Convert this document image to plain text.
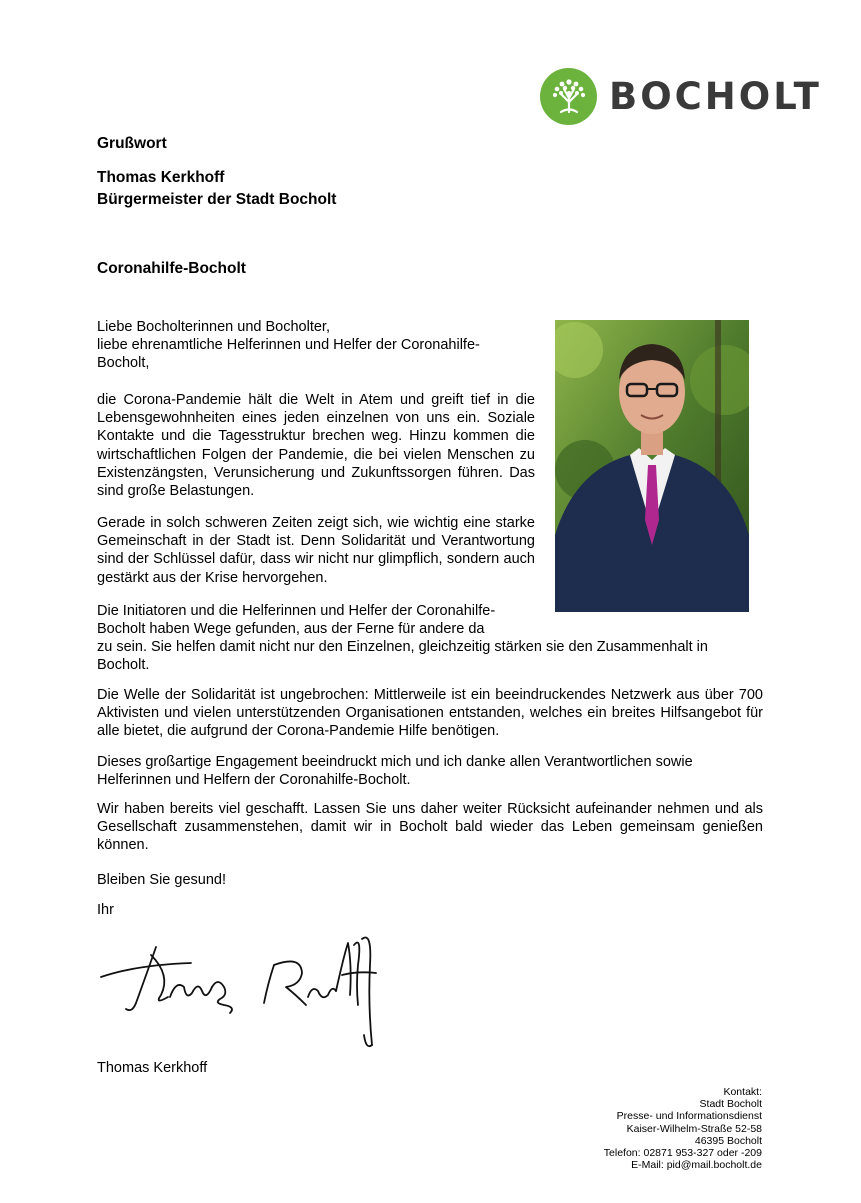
BOCHOLT
Grußwort
Thomas Kerkhoff
Bürgermeister der Stadt Bocholt
Coronahilfe-Bocholt
Liebe Bocholterinnen und Bocholter,
liebe ehrenamtliche Helferinnen und Helfer der Coronahilfe-
Bocholt,

die Corona-Pandemie hält die Welt in Atem und greift tief in die Lebensgewohnheiten eines jeden einzelnen von uns ein. Soziale Kontakte und die Tagesstruktur brechen weg. Hinzu kommen die wirtschaftlichen Folgen der Pandemie, die bei vielen Menschen zu Existenzängsten, Verunsicherung und Zukunftssorgen führen. Das sind große Belastungen.

Gerade in solch schweren Zeiten zeigt sich, wie wichtig eine starke Gemeinschaft in der Stadt ist. Denn Solidarität und Verantwortung sind der Schlüssel dafür, dass wir nicht nur glimpflich, sondern auch gestärkt aus der Krise hervorgehen.

Die Initiatoren und die Helferinnen und Helfer der Coronahilfe-
Bocholt haben Wege gefunden, aus der Ferne für andere da

zu sein. Sie helfen damit nicht nur den Einzelnen, gleichzeitig stärken sie den Zusammenhalt in Bocholt.

Die Welle der Solidarität ist ungebrochen: Mittlerweile ist ein beeindruckendes Netzwerk aus über 700 Aktivisten und vielen unterstützenden Organisationen entstanden, welches ein breites Hilfsangebot für alle bietet, die aufgrund der Corona-Pandemie Hilfe benötigen.

Dieses großartige Engagement beeindruckt mich und ich danke allen Verantwortlichen sowie Helferinnen und Helfern der Coronahilfe-Bocholt.

Wir haben bereits viel geschafft. Lassen Sie uns daher weiter Rücksicht aufeinander nehmen und als Gesellschaft zusammenstehen, damit wir in Bocholt bald wieder das Leben gemeinsam genießen können.

Bleiben Sie gesund!
Ihr
Thomas Kerkhoff
Kontakt:
Stadt Bocholt
Presse- und Informationsdienst
Kaiser-Wilhelm-Straße 52-58
46395 Bocholt
Telefon: 02871 953-327 oder -209
E-Mail: pid@mail.bocholt.de
